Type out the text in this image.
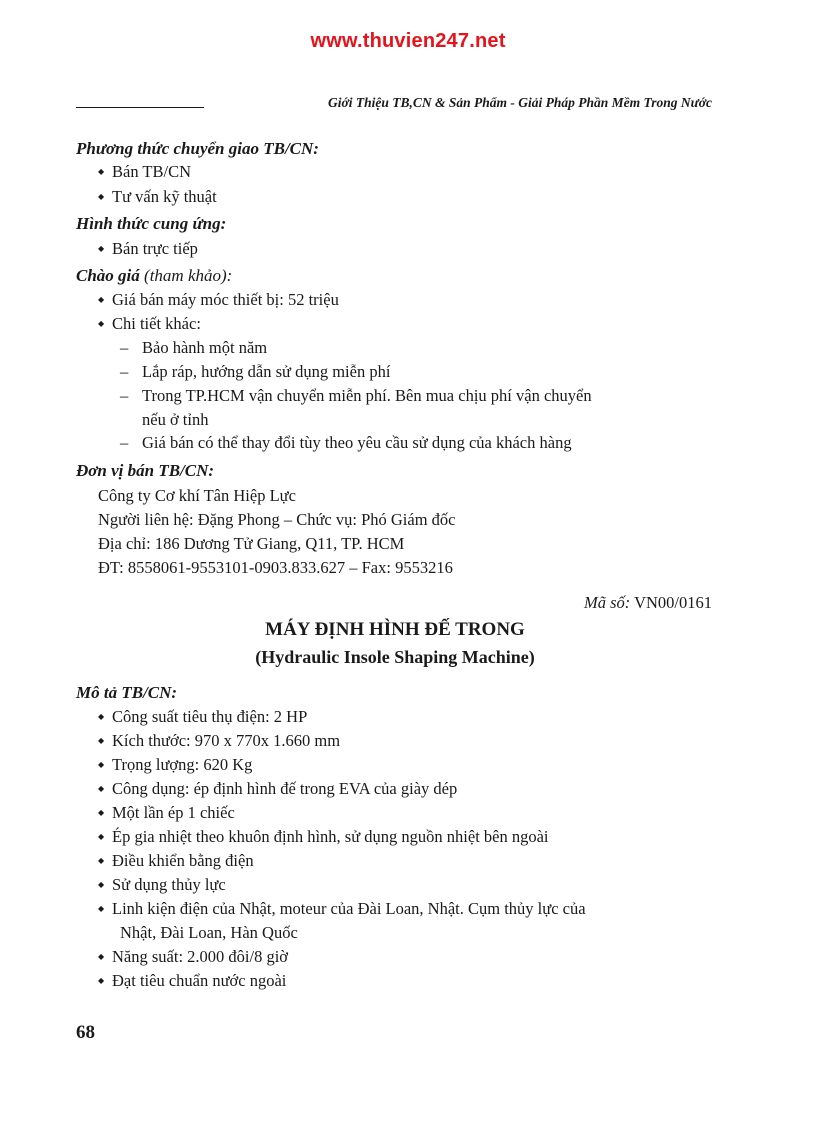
www.thuvien247.net
Giới Thiệu TB,CN & Sản Phẩm - Giải Pháp Phần Mềm Trong Nước
Phương thức chuyển giao TB/CN:
◆ Bán TB/CN
◆ Tư vấn kỹ thuật
Hình thức cung ứng:
◆ Bán trực tiếp
Chào giá (tham khảo):
◆ Giá bán máy móc thiết bị: 52 triệu
◆ Chi tiết khác:
– Bảo hành một năm
– Lắp ráp, hướng dẫn sử dụng miễn phí
– Trong TP.HCM vận chuyển miễn phí. Bên mua chịu phí vận chuyển
nếu ở tỉnh
– Giá bán có thể thay đổi tùy theo yêu cầu sử dụng của khách hàng
Đơn vị bán TB/CN:
Công ty Cơ khí Tân Hiệp Lực
Người liên hệ: Đặng Phong – Chức vụ: Phó Giám đốc
Địa chỉ: 186 Dương Tử Giang, Q11, TP. HCM
ĐT: 8558061-9553101-0903.833.627 – Fax: 9553216
Mã số: VN00/0161
MÁY ĐỊNH HÌNH ĐẾ TRONG
(Hydraulic Insole Shaping Machine)
Mô tả TB/CN:
◆ Công suất tiêu thụ điện: 2 HP
◆ Kích thước: 970 x 770x 1.660 mm
◆ Trọng lượng: 620 Kg
◆ Công dụng: ép định hình đế trong EVA của giày dép
◆ Một lần ép 1 chiếc
◆ Ép gia nhiệt theo khuôn định hình, sử dụng nguồn nhiệt bên ngoài
◆ Điều khiển bằng điện
◆ Sử dụng thủy lực
◆ Linh kiện điện của Nhật, moteur của Đài Loan, Nhật. Cụm thủy lực của
Nhật, Đài Loan, Hàn Quốc
◆ Năng suất: 2.000 đôi/8 giờ
◆ Đạt tiêu chuẩn nước ngoài
68
